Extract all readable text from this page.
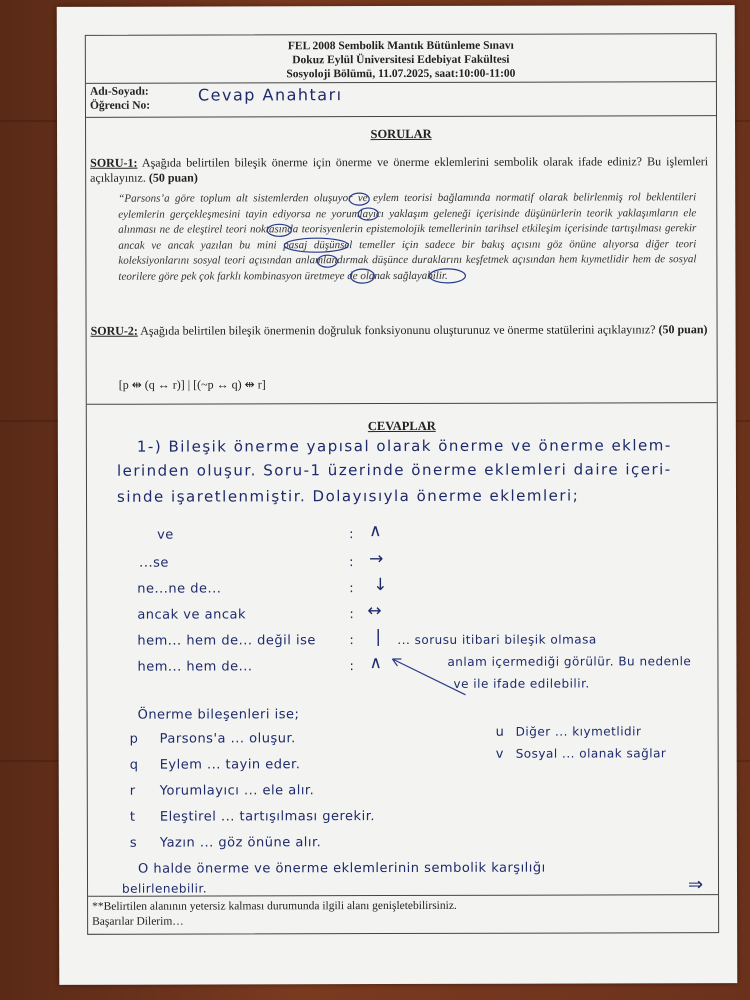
FEL 2008 Sembolik Mantık Bütünleme Sınavı
Dokuz Eylül Üniversitesi Edebiyat Fakültesi
Sosyoloji Bölümü, 11.07.2025, saat:10:00-11:00
Adı-Soyadı:
Öğrenci No:
Cevap Anahtarı
SORULAR
SORU-1: Aşağıda belirtilen bileşik önerme için önerme ve önerme eklemlerini sembolik olarak ifade ediniz? Bu işlemleri açıklayınız. (50 puan)
“Parsons’a göre toplum alt sistemlerden oluşuyor ve eylem teorisi bağlamında normatif olarak belirlenmiş rol beklentileri eylemlerin gerçekleşmesini tayin ediyorsa ne yorumlayıcı yaklaşım geleneği içerisinde düşünürlerin teorik yaklaşımların ele alınması ne de eleştirel teori noktasında teorisyenlerin epistemolojik temellerinin tarihsel etkileşim içerisinde tartışılması gerekir ancak ve ancak yazılan bu mini pasaj düşünsel temeller için sadece bir bakış açısını göz önüne alıyorsa diğer teori koleksiyonlarını sosyal teori açısından anlamlandırmak düşünce duraklarını keşfetmek açısından hem kıymetlidir hem de sosyal teorilere göre pek çok farklı kombinasyon üretmeye de olanak sağlayabilir.
SORU-2: Aşağıda belirtilen bileşik önermenin doğruluk fonksiyonunu oluşturunuz ve önerme statülerini açıklayınız? (50 puan)
[p ⇹ (q ↔ r)] | [(~p ↔ q) ⇹ r]
CEVAPLAR
1-) Bileşik önerme yapısal olarak önerme ve önerme eklem-
lerinden oluşur. Soru-1 üzerinde önerme eklemleri daire içeri-
sinde işaretlenmiştir. Dolayısıyla önerme eklemleri;
ve	: ∧
...se	: →
ne...ne de...	: ↓
ancak ve ancak	: ↔
hem... hem de... değil ise	: |
hem... hem de...	: ∧
... sorusu itibari bileşik olmasa
anlam içermediği görülür. Bu nedenle
ve ile ifade edilebilir.
Önerme bileşenleri ise;
p Parsons'a ... oluşur.
q Eylem ... tayin eder.
r Yorumlayıcı ... ele alır.
t Eleştirel ... tartışılması gerekir.
s Yazın ... göz önüne alır.
u Diğer ... kıymetlidir
v Sosyal ... olanak sağlar
O halde önerme ve önerme eklemlerinin sembolik karşılığı
belirlenebilir.	⇒
**Belirtilen alanının yetersiz kalması durumunda ilgili alanı genişletebilirsiniz.
Başarılar Dilerim…
